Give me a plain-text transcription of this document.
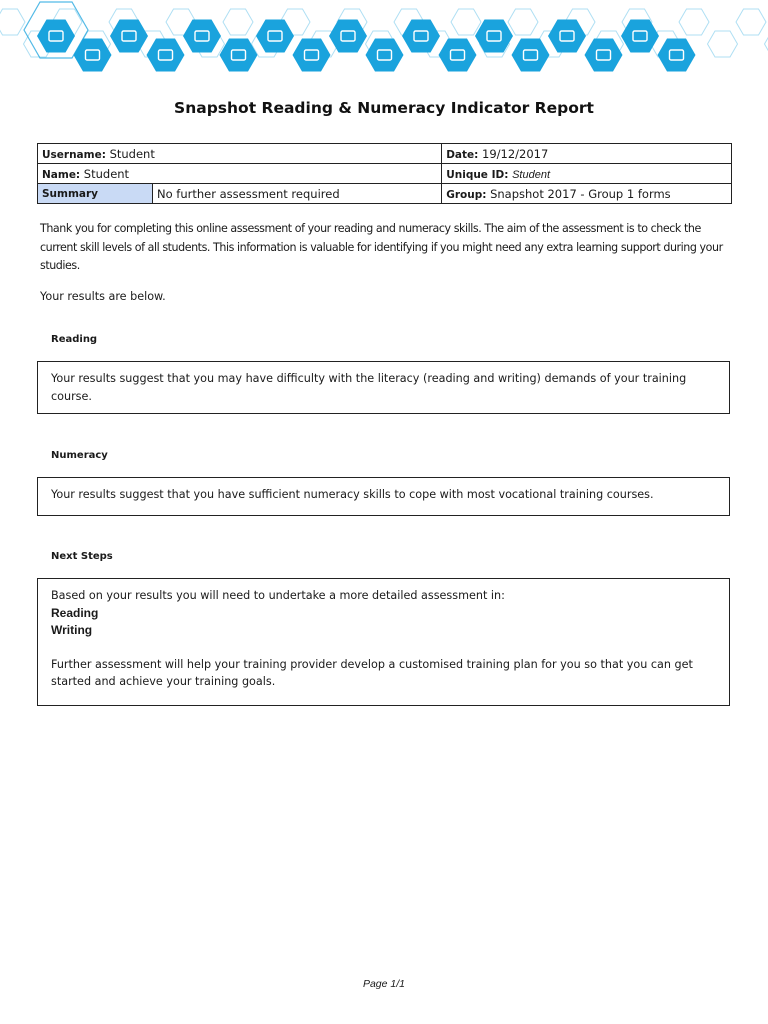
Snapshot Reading & Numeracy Indicator Report
Username: Student		Date: 19/12/2017
Name: Student		Unique ID: Student
Summary	No further assessment required	Group: Snapshot 2017 - Group 1 forms

Thank you for completing this online assessment of your reading and numeracy skills. The aim of the assessment is to check the current skill levels of all students. This information is valuable for identifying if you might need any extra learning support during your studies.

Your results are below.

Reading

Your results suggest that you may have difficulty with the literacy (reading and writing) demands of your training course.

Numeracy

Your results suggest that you have sufficient numeracy skills to cope with most vocational training courses.

Next Steps

Based on your results you will need to undertake a more detailed assessment in:

Reading

Writing

Further assessment will help your training provider develop a customised training plan for you so that you can get started and achieve your training goals.

Page 1/1
